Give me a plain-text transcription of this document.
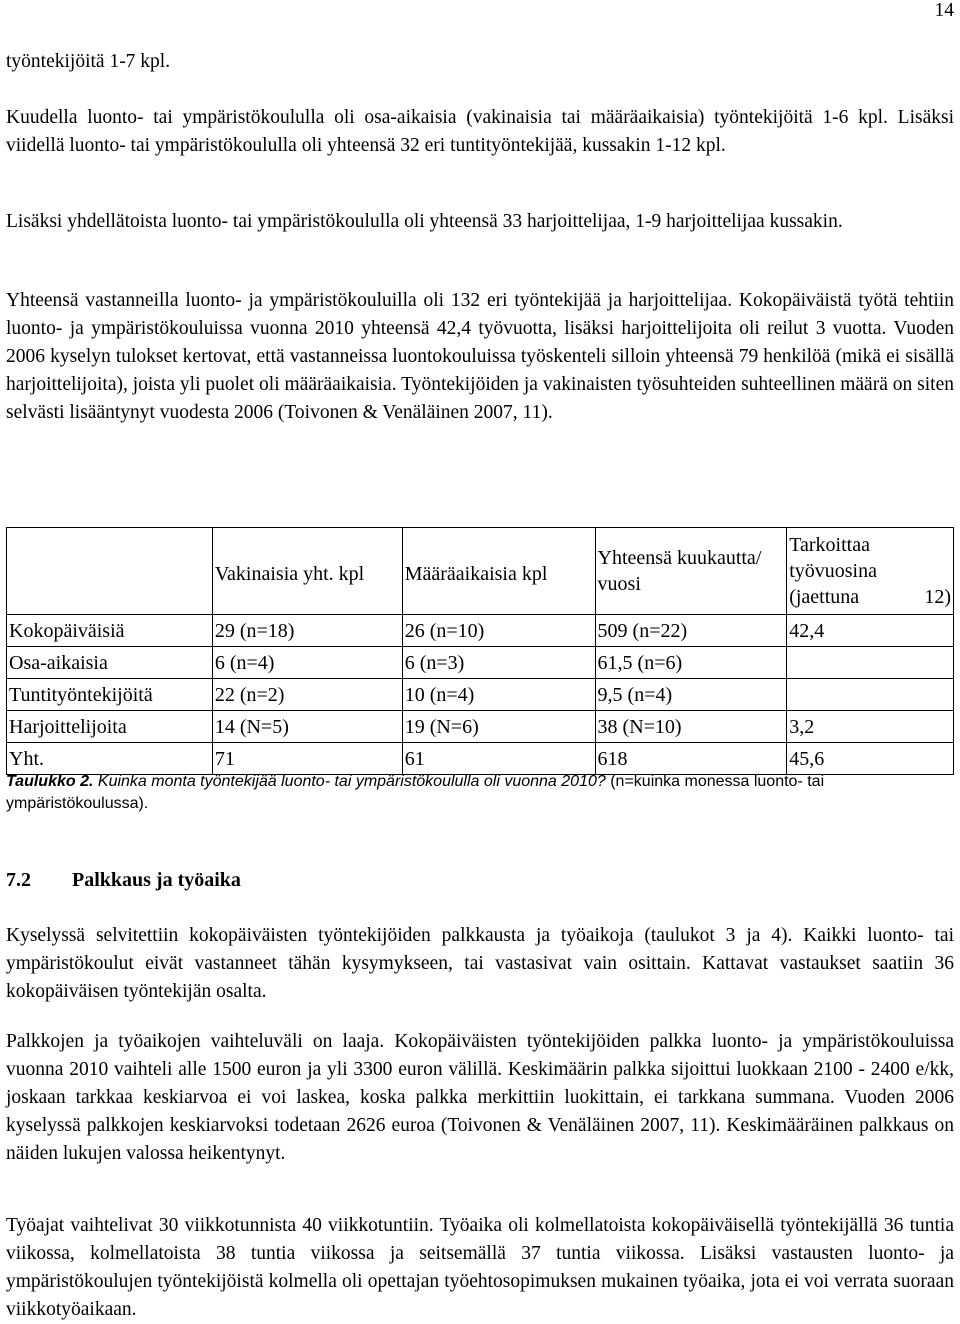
14

työntekijöitä 1-7 kpl.

Kuudella luonto- tai ympäristökoululla oli osa-aikaisia (vakinaisia tai määräaikaisia) työntekijöitä 1-6 kpl. Lisäksi viidellä luonto- tai ympäristökoululla oli yhteensä 32 eri tuntityöntekijää, kussakin 1-12 kpl.

Lisäksi yhdellätoista luonto- tai ympäristökoululla oli yhteensä 33 harjoittelijaa, 1-9 harjoittelijaa kussakin.

Yhteensä vastanneilla luonto- ja ympäristökouluilla oli 132 eri työntekijää ja harjoittelijaa. Kokopäiväistä työtä tehtiin luonto- ja ympäristökouluissa vuonna 2010 yhteensä 42,4 työvuotta, lisäksi harjoittelijoita oli reilut 3 vuotta. Vuoden 2006 kyselyn tulokset kertovat, että vastanneissa luontokouluissa työskenteli silloin yhteensä 79 henkilöä (mikä ei sisällä harjoittelijoita), joista yli puolet oli määräaikaisia. Työntekijöiden ja vakinaisten työsuhteiden suhteellinen määrä on siten selvästi lisääntynyt vuodesta 2006 (Toivonen & Venäläinen 2007, 11).

	Vakinaisia yht. kpl	Määräaikaisia kpl	Yhteensä kuukautta/ vuosi	Tarkoittaa työvuosina (jaettuna 12)
Kokopäiväisiä	29 (n=18)	26 (n=10)	509 (n=22)	42,4
Osa-aikaisia	6 (n=4)	6 (n=3)	61,5 (n=6)	
Tuntityöntekijöitä	22 (n=2)	10 (n=4)	9,5 (n=4)	
Harjoittelijoita	14 (N=5)	19 (N=6)	38 (N=10)	3,2
Yht.	71	61	618	45,6
Taulukko 2. Kuinka monta työntekijää luonto- tai ympäristökoululla oli vuonna 2010? (n=kuinka monessa luonto- tai ympäristökoulussa).
7.2 Palkkaus ja työaika

Kyselyssä selvitettiin kokopäiväisten työntekijöiden palkkausta ja työaikoja (taulukot 3 ja 4). Kaikki luonto- tai ympäristökoulut eivät vastanneet tähän kysymykseen, tai vastasivat vain osittain. Kattavat vastaukset saatiin 36 kokopäiväisen työntekijän osalta.

Palkkojen ja työaikojen vaihteluväli on laaja. Kokopäiväisten työntekijöiden palkka luonto- ja ympäristökouluissa vuonna 2010 vaihteli alle 1500 euron ja yli 3300 euron välillä. Keskimäärin palkka sijoittui luokkaan 2100 - 2400 e/kk, joskaan tarkkaa keskiarvoa ei voi laskea, koska palkka merkittiin luokittain, ei tarkkana summana. Vuoden 2006 kyselyssä palkkojen keskiarvoksi todetaan 2626 euroa (Toivonen & Venäläinen 2007, 11). Keskimääräinen palkkaus on näiden lukujen valossa heikentynyt.

Työajat vaihtelivat 30 viikkotunnista 40 viikkotuntiin. Työaika oli kolmellatoista kokopäiväisellä työntekijällä 36 tuntia viikossa, kolmellatoista 38 tuntia viikossa ja seitsemällä 37 tuntia viikossa. Lisäksi vastausten luonto- ja ympäristökoulujen työntekijöistä kolmella oli opettajan työehtosopimuksen mukainen työaika, jota ei voi verrata suoraan viikkotyöaikaan.
